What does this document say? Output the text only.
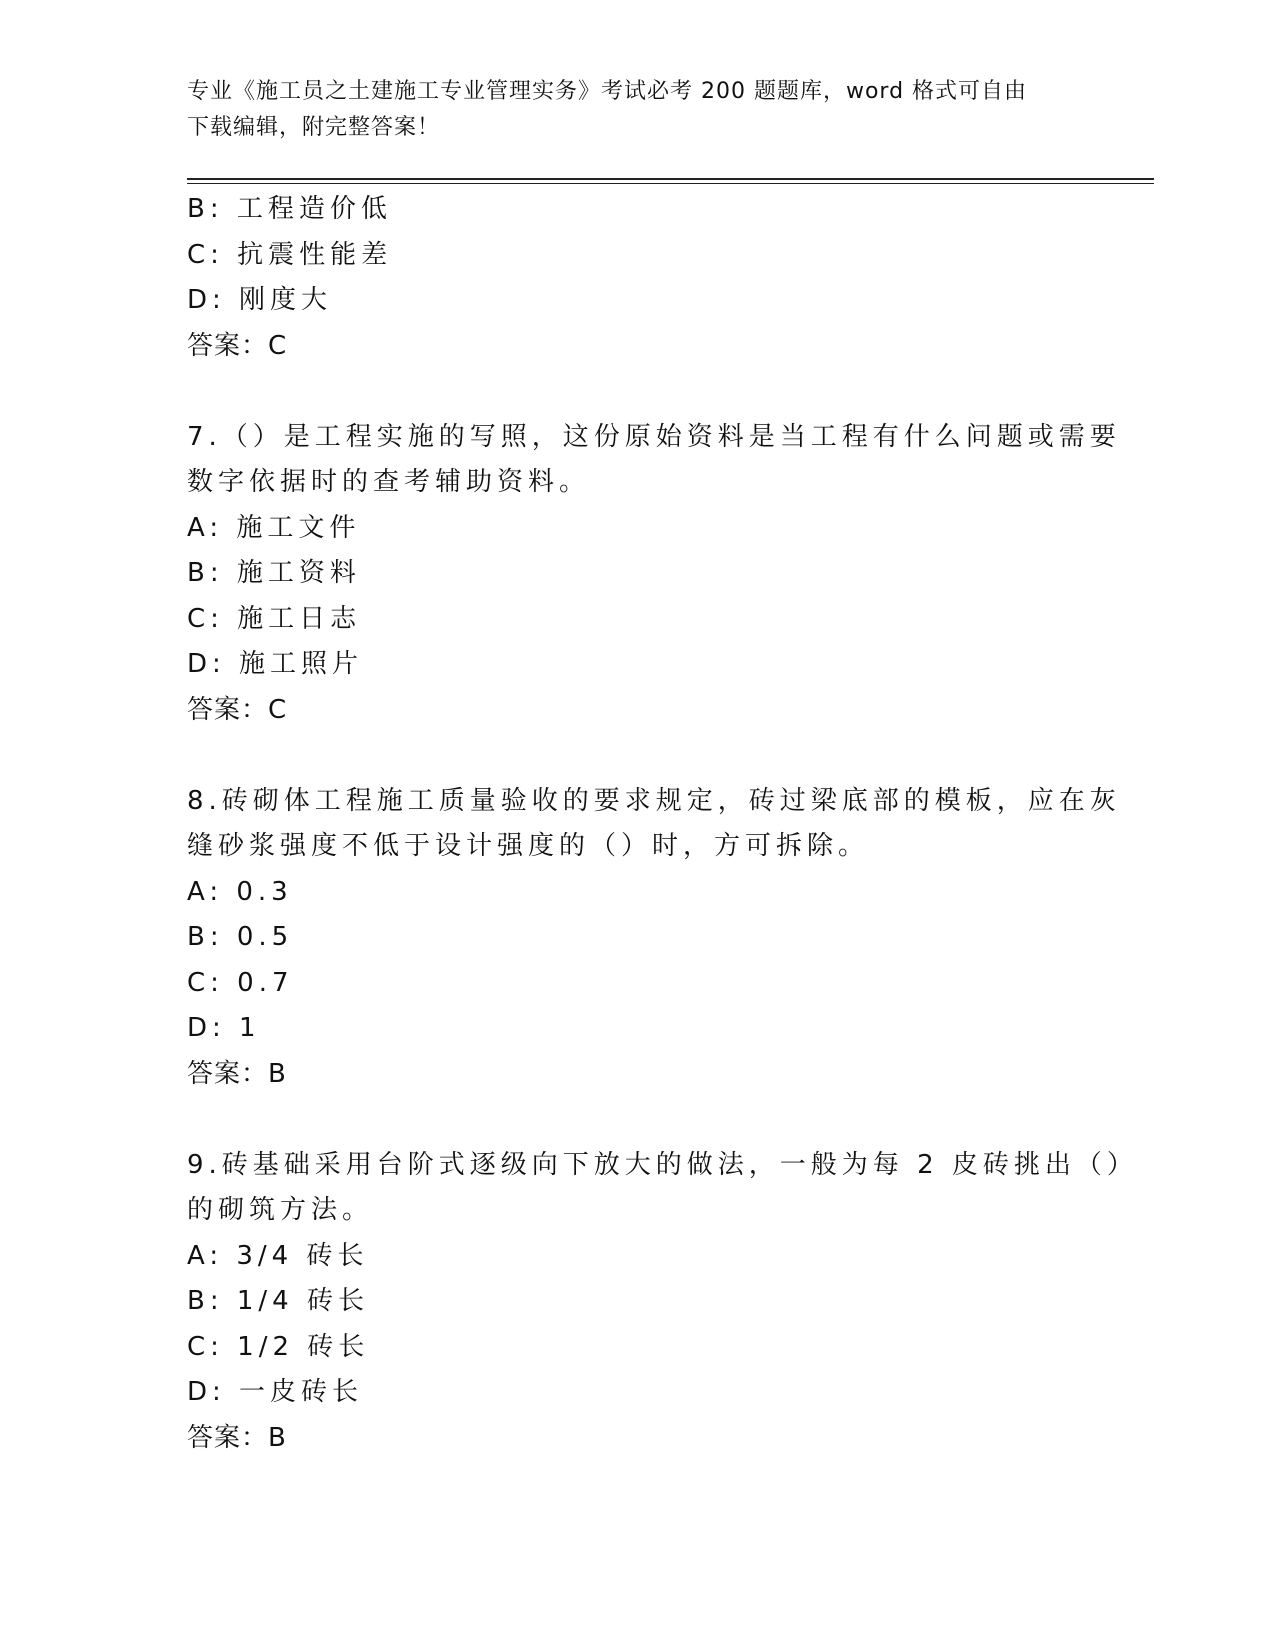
专业《施工员之土建施工专业管理实务》考试必考 200 题题库，word 格式可自由
下载编辑，附完整答案！
B: 工程造价低
C: 抗震性能差
D: 刚度大
答案：C
7.（）是工程实施的写照，这份原始资料是当工程有什么问题或需要
数字依据时的查考辅助资料。
A: 施工文件
B: 施工资料
C: 施工日志
D: 施工照片
答案：C
8.砖砌体工程施工质量验收的要求规定，砖过梁底部的模板，应在灰
缝砂浆强度不低于设计强度的（）时，方可拆除。
A: 0.3
B: 0.5
C: 0.7
D: 1
答案：B
9.砖基础采用台阶式逐级向下放大的做法，一般为每 2 皮砖挑出（）
的砌筑方法。
A: 3/4 砖长
B: 1/4 砖长
C: 1/2 砖长
D: 一皮砖长
答案：B
